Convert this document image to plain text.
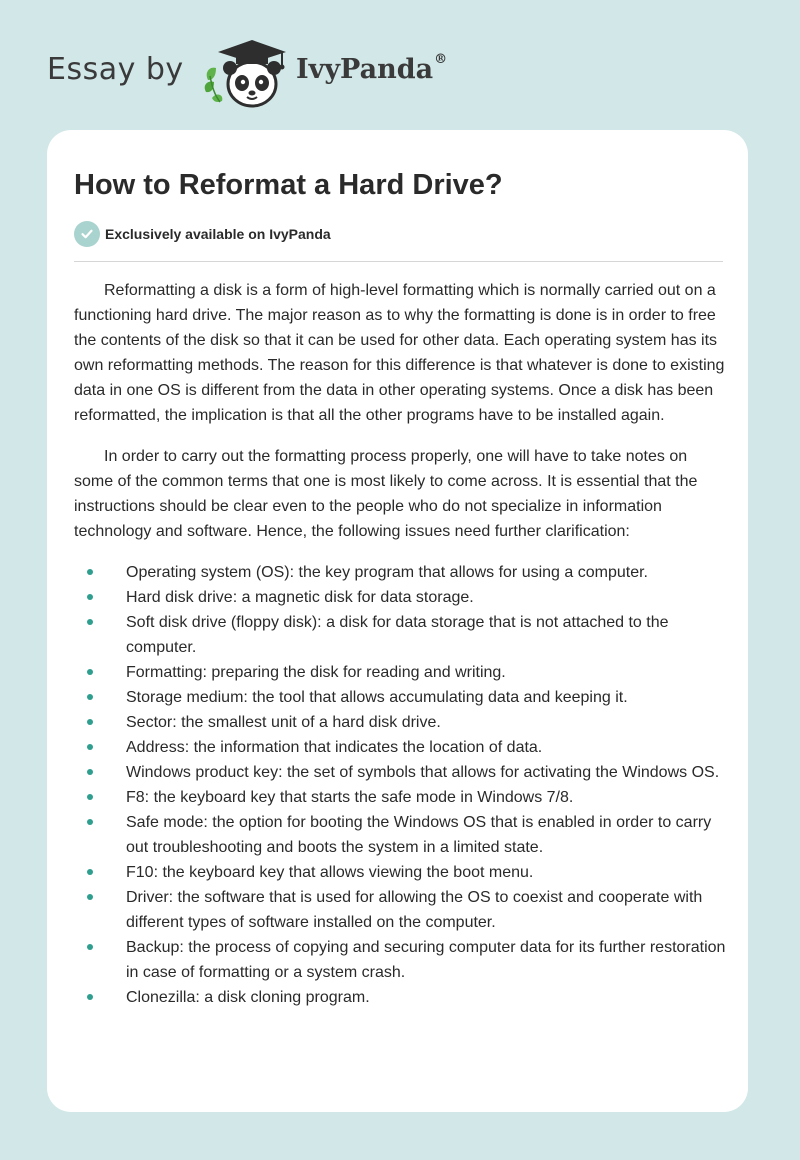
Essay by	IvyPanda®
How to Reformat a Hard Drive?
Exclusively available on IvyPanda

Reformatting a disk is a form of high-level formatting which is normally carried out on a functioning hard drive. The major reason as to why the formatting is done is in order to free the contents of the disk so that it can be used for other data. Each operating system has its own reformatting methods. The reason for this difference is that whatever is done to existing data in one OS is different from the data in other operating systems. Once a disk has been reformatted, the implication is that all the other programs have to be installed again.

In order to carry out the formatting process properly, one will have to take notes on some of the common terms that one is most likely to come across. It is essential that the instructions should be clear even to the people who do not specialize in information technology and software. Hence, the following issues need further clarification:

Operating system (OS): the key program that allows for using a computer.
Hard disk drive: a magnetic disk for data storage.
Soft disk drive (floppy disk): a disk for data storage that is not attached to the computer.
Formatting: preparing the disk for reading and writing.
Storage medium: the tool that allows accumulating data and keeping it.
Sector: the smallest unit of a hard disk drive.
Address: the information that indicates the location of data.
Windows product key: the set of symbols that allows for activating the Windows OS.
F8: the keyboard key that starts the safe mode in Windows 7/8.
Safe mode: the option for booting the Windows OS that is enabled in order to carry out troubleshooting and boots the system in a limited state.
F10: the keyboard key that allows viewing the boot menu.
Driver: the software that is used for allowing the OS to coexist and cooperate with different types of software installed on the computer.
Backup: the process of copying and securing computer data for its further restoration in case of formatting or a system crash.
Clonezilla: a disk cloning program.
